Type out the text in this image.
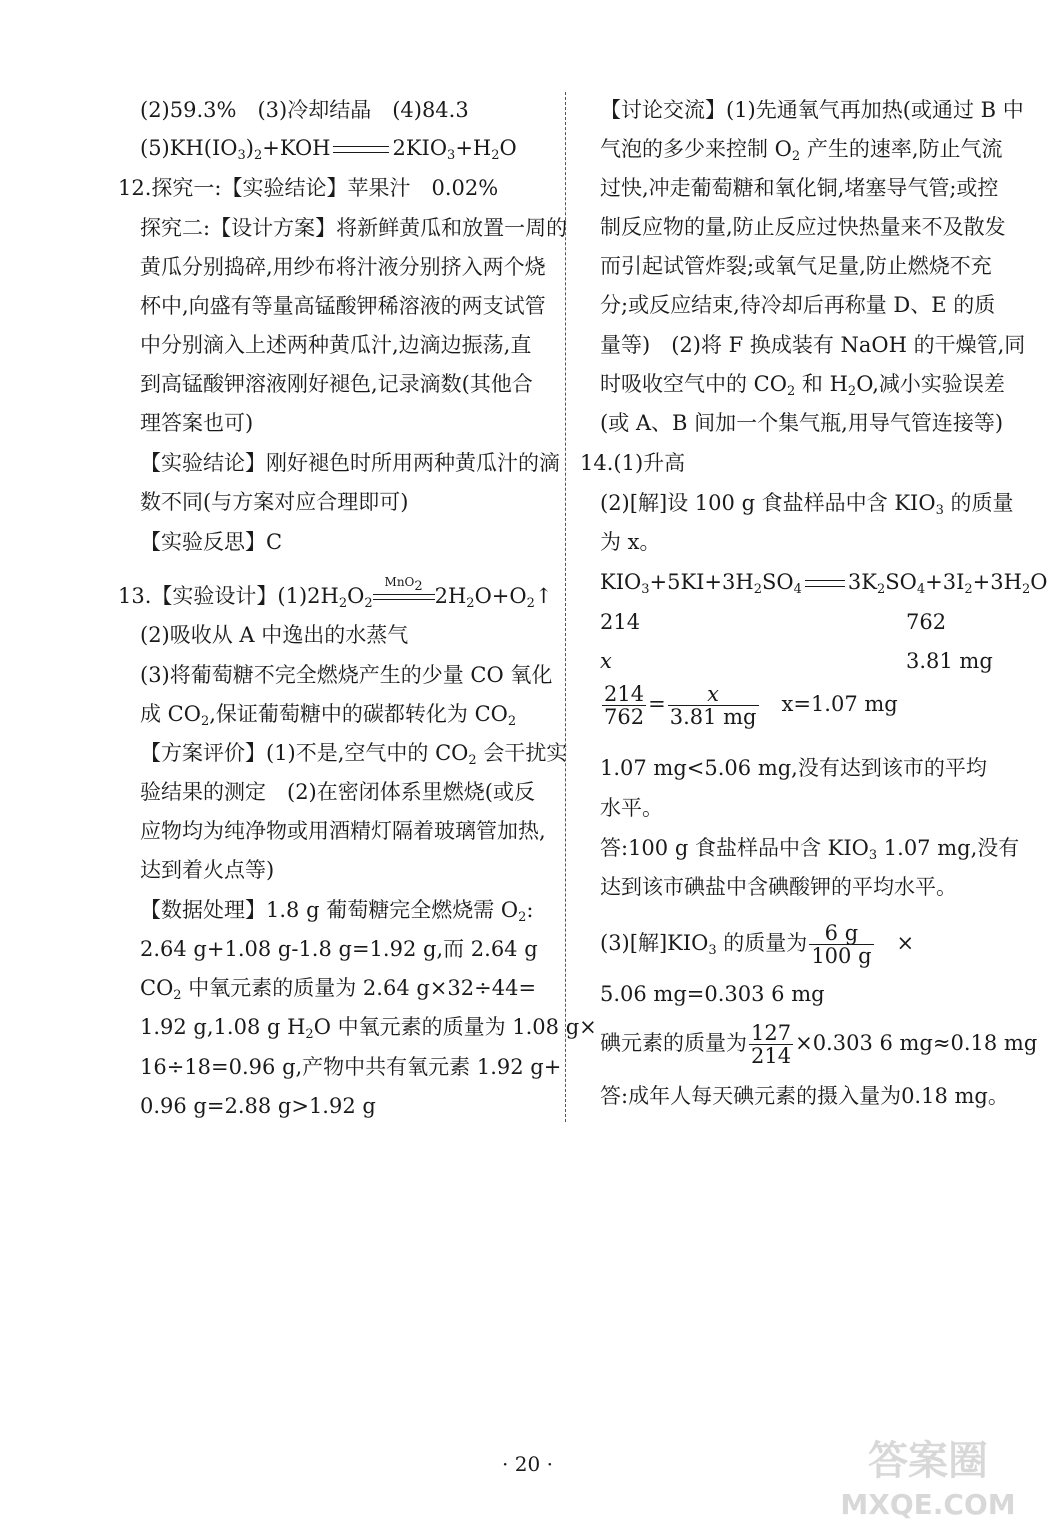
(2)59.3%　(3)冷却结晶　(4)84.3
$(5)KH(IO_3)_2+KOH$	$2KIO_3+H_2O$
12.探究一:【实验结论】苹果汁　0.02%
探究二:【设计方案】将新鲜黄瓜和放置一周的
黄瓜分别捣碎,用纱布将汁液分别挤入两个烧
杯中,向盛有等量高锰酸钾稀溶液的两支试管
中分别滴入上述两种黄瓜汁,边滴边振荡,直
到高锰酸钾溶液刚好褪色,记录滴数(其他合
理答案也可)
【实验结论】刚好褪色时所用两种黄瓜汁的滴
数不同(与方案对应合理即可)
【实验反思】C
13.【实验设计】$(1)2H_2O_2$
MnO$_2$ $2H_2O+O_2↑$
(2)吸收从 A 中逸出的水蒸气
(3)将葡萄糖不完全燃烧产生的少量 CO 氧化
成 $CO_2$,保证葡萄糖中的碳都转化为 $CO_2$
【方案评价】(1)不是,空气中的 $CO_2$ 会干扰实
验结果的测定　(2)在密闭体系里燃烧(或反
应物均为纯净物或用酒精灯隔着玻璃管加热,
达到着火点等)
【数据处理】1.8 g 葡萄糖完全燃烧需 $O_2$:
2.64 g+1.08 g-1.8 g=1.92 g,而 2.64 g
$CO_2$ 中氧元素的质量为 2.64 g×32÷44=
1.92 g,1.08 g $H_2O$ 中氧元素的质量为 1.08 g×
16÷18=0.96 g,产物中共有氧元素 1.92 g+
0.96 g=2.88 g>1.92 g
【讨论交流】(1)先通氧气再加热(或通过 B 中
气泡的多少来控制 $O_2$ 产生的速率,防止气流
过快,冲走葡萄糖和氧化铜,堵塞导气管;或控
制反应物的量,防止反应过快热量来不及散发
而引起试管炸裂;或氧气足量,防止燃烧不充
分;或反应结束,待冷却后再称量 D、E 的质
量等)　(2)将 F 换成装有 NaOH 的干燥管,同
时吸收空气中的 $CO_2$ 和 $H_2O$,减小实验误差
(或 A、B 间加一个集气瓶,用导气管连接等)
14.(1)升高
(2)[解]设 100 g 食盐样品中含 $KIO_3$ 的质量
为 x。
$KIO_3+5KI+3H_2SO_4$ $3K_2SO_4+3I_2+3H_2O$
214	762
x	3.81 mg
$\frac{214}{762} = \frac{x}{3.81 mg}$
　 x=1.07 mg
1.07 mg<5.06 mg,没有达到该市的平均
水平。
答:100 g 食盐样品中含 $KIO_3$ 1.07 mg,没有
达到该市碘盐中含碘酸钾的平均水平。
(3)[解]$KIO_3$ 的质量为 $\frac{6 g}{100 g}$
　 ×
5.06 mg=0.303 6 mg
碘元素的质量为 $\frac{127}{214} \times 0.303$ 6 mg≈0.18 mg
答:成年人每天碘元素的摄入量为0.18 mg。
· 20 ·	答案圈
MXQE.COM
